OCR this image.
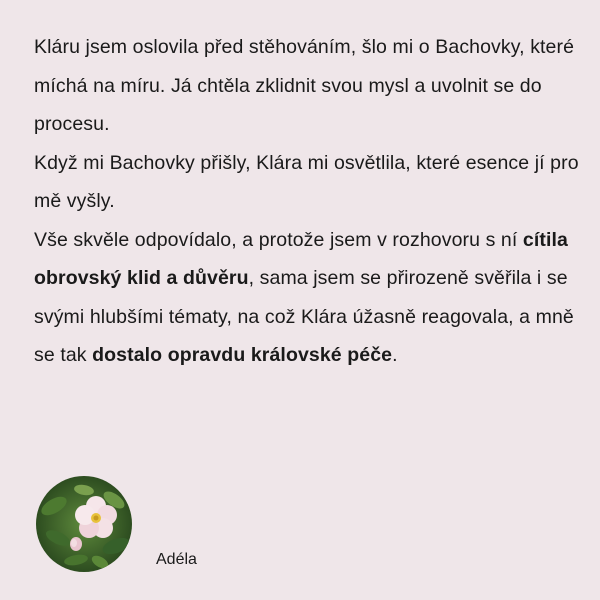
Kláru jsem oslovila před stěhováním, šlo mi o Bachovky, které míchá na míru. Já chtěla zklidnit svou mysl a uvolnit se do procesu.

Když mi Bachovky přišly, Klára mi osvětlila, které esence jí pro mě vyšly.

Vše skvěle odpovídalo, a protože jsem v rozhovoru s ní cítila obrovský klid a důvěru, sama jsem se přirozeně svěřila i se svými hlubšími tématy, na což Klára úžasně reagovala, a mně se tak dostalo opravdu královské péče.

Adéla
